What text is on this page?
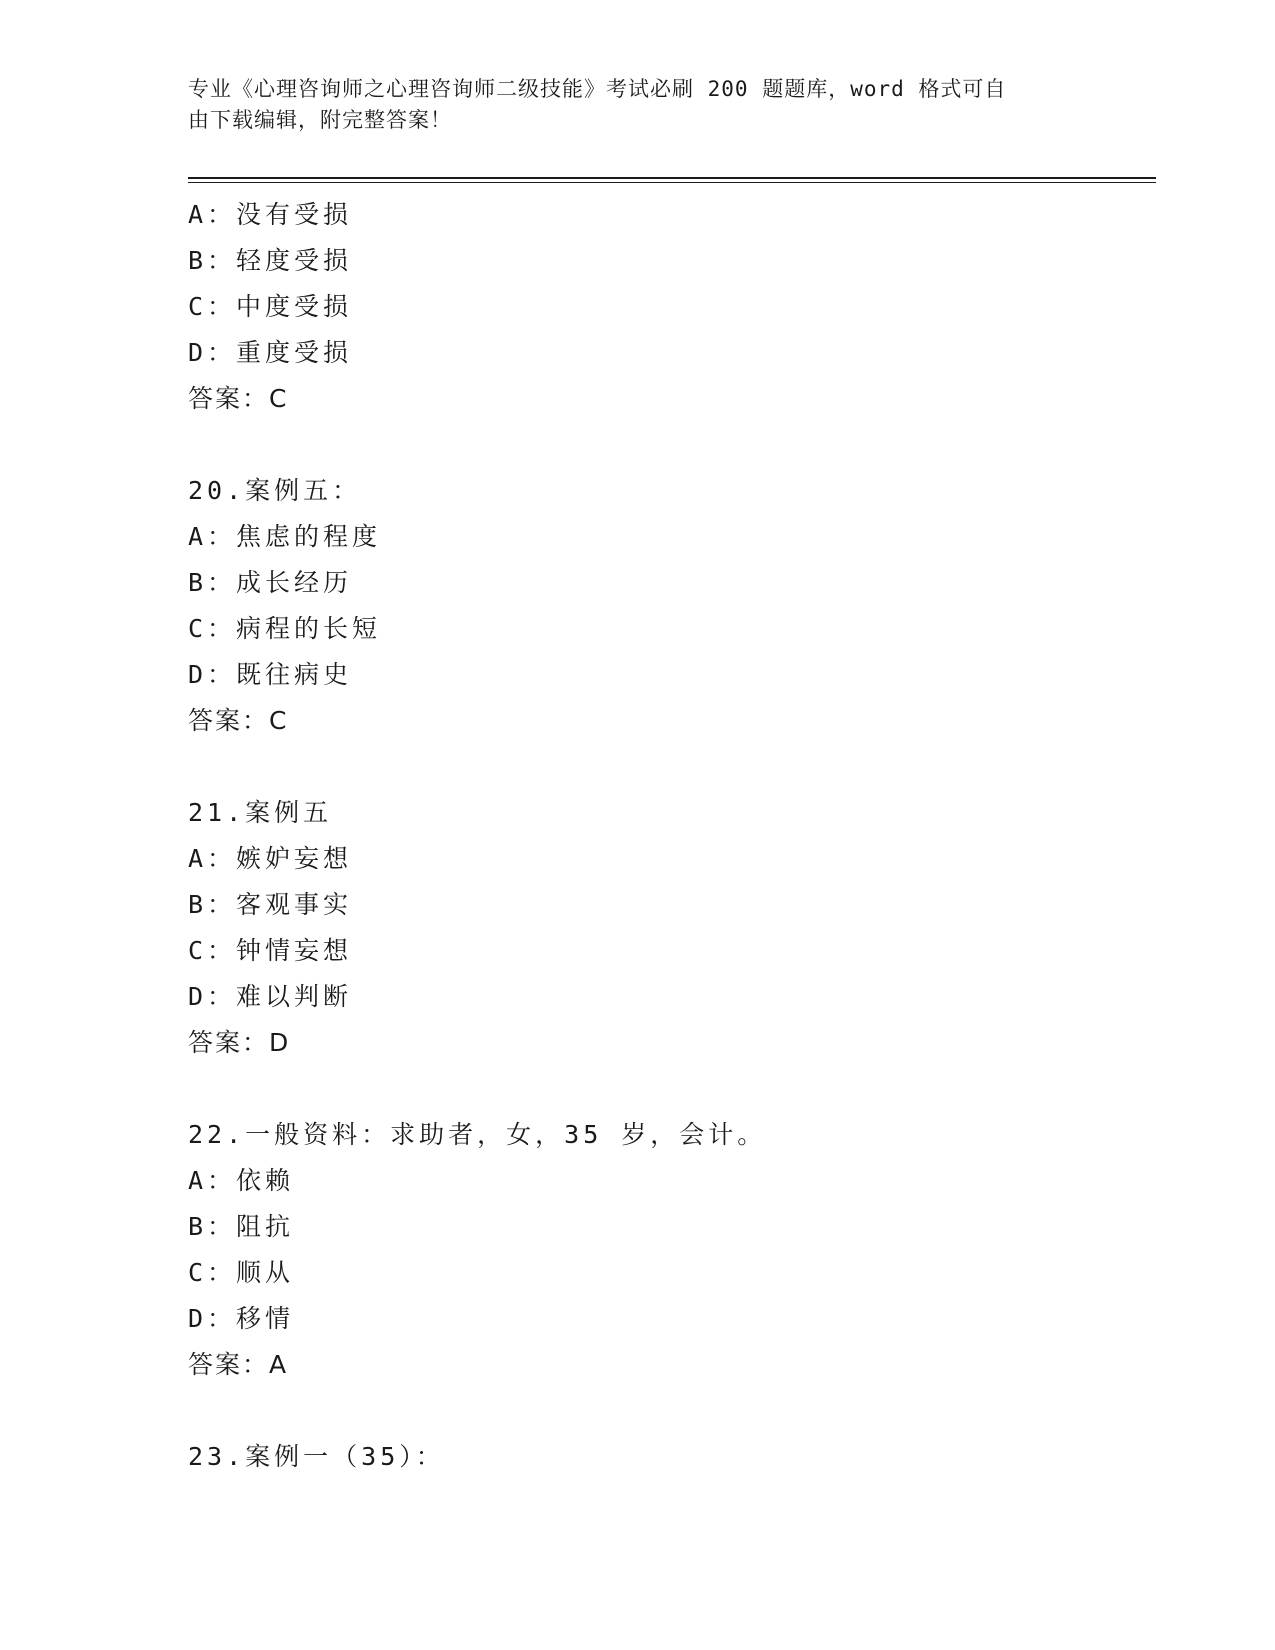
专业《心理咨询师之心理咨询师二级技能》考试必刷 200 题题库，word 格式可自
由下载编辑，附完整答案！
A：没有受损
B：轻度受损
C：中度受损
D：重度受损
答案：C
20.案例五：
A：焦虑的程度
B：成长经历
C：病程的长短
D：既往病史
答案：C
21.案例五
A：嫉妒妄想
B：客观事实
C：钟情妄想
D：难以判断
答案：D
22.一般资料：求助者，女，35 岁，会计。
A：依赖
B：阻抗
C：顺从
D：移情
答案：A
23.案例一（35）：
